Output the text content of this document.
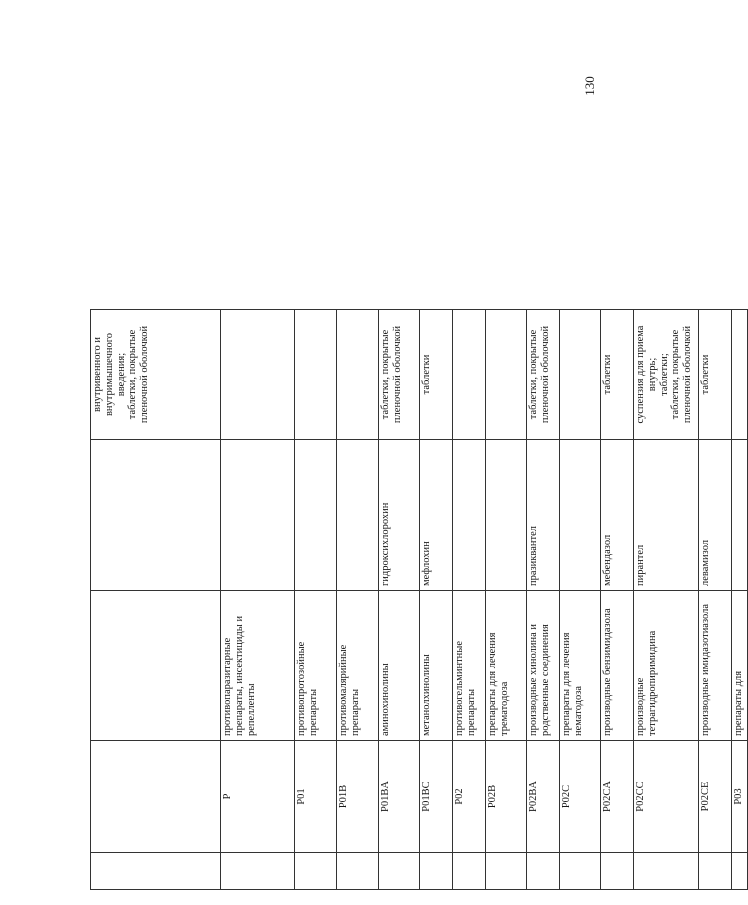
130

				внутривенного и внутримышечного введения; таблетки, покрытые пленочной оболочкой

	P	противопаразитарные препараты, инсектициды и репелленты		
	P01	противопротозойные препараты		
	P01B	противомалярийные препараты		
	P01BA	аминохинолины	гидроксихлорохин	таблетки, покрытые пленочной оболочкой

	P01BC	метанолхинолины	мефлохин	таблетки

	P02	противогельминтные препараты		
	P02B	препараты для лечения трематодоза		
	P02BA	производные хинолина и родственные соединения	празиквантел	таблетки, покрытые пленочной оболочкой

	P02C	препараты для лечения нематодоза		
	P02CA	производные бензимидазола	мебендазол	таблетки

	P02CC	производные тетрагидропиримидина	пирантел	суспензия для приема внутрь; таблетки; таблетки, покрытые пленочной оболочкой

	P02CE	производные имидазотиазола	левамизол	таблетки

	P03	препараты для		
